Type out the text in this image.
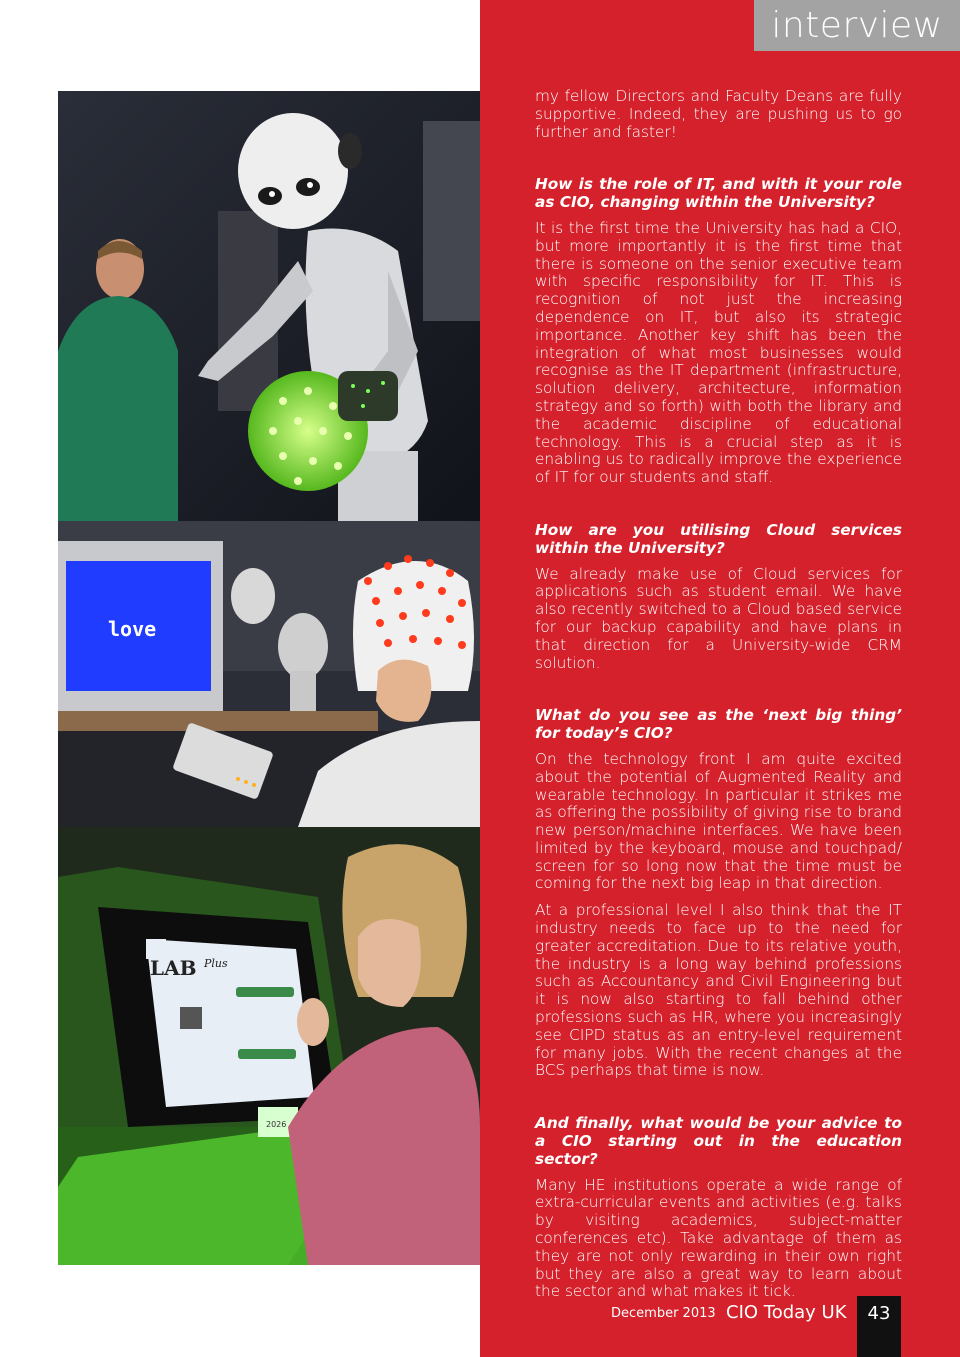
interview
love
LAB Plus
2026

my fellow Directors and Faculty Deans are fully supportive. Indeed, they are pushing us to go further and faster!

How is the role of IT, and with it your role as CIO, changing within the University?

It is the first time the University has had a CIO, but more importantly it is the first time that there is someone on the senior executive team with specific responsibility for IT. This is recognition of not just the increasing dependence on IT, but also its strategic importance. Another key shift has been the integration of what most businesses would recognise as the IT department (infrastructure, solution delivery, architecture, information strategy and so forth) with both the library and the academic discipline of educational technology. This is a crucial step as it is enabling us to radically improve the experience of IT for our students and staff.

How are you utilising Cloud services within the University?

We already make use of Cloud services for applications such as student email. We have also recently switched to a Cloud based service for our backup capability and have plans in that direction for a University-wide CRM solution.

What do you see as the ‘next big thing’ for today’s CIO?

On the technology front I am quite excited about the potential of Augmented Reality and wearable technology. In particular it strikes me as offering the possibility of giving rise to brand new person/machine interfaces. We have been limited by the keyboard, mouse and touchpad/ screen for so long now that the time must be coming for the next big leap in that direction.

At a professional level I also think that the IT industry needs to face up to the need for greater accreditation. Due to its relative youth, the industry is a long way behind professions such as Accountancy and Civil Engineering but it is now also starting to fall behind other professions such as HR, where you increasingly see CIPD status as an entry-level requirement for many jobs. With the recent changes at the BCS perhaps that time is now.

And finally, what would be your advice to a CIO starting out in the education sector?

Many HE institutions operate a wide range of extra-curricular events and activities (e.g. talks by visiting academics, subject-matter conferences etc). Take advantage of them as they are not only rewarding in their own right but they are also a great way to learn about the sector and what makes it tick.

December 2013 CIO Today UK	43
